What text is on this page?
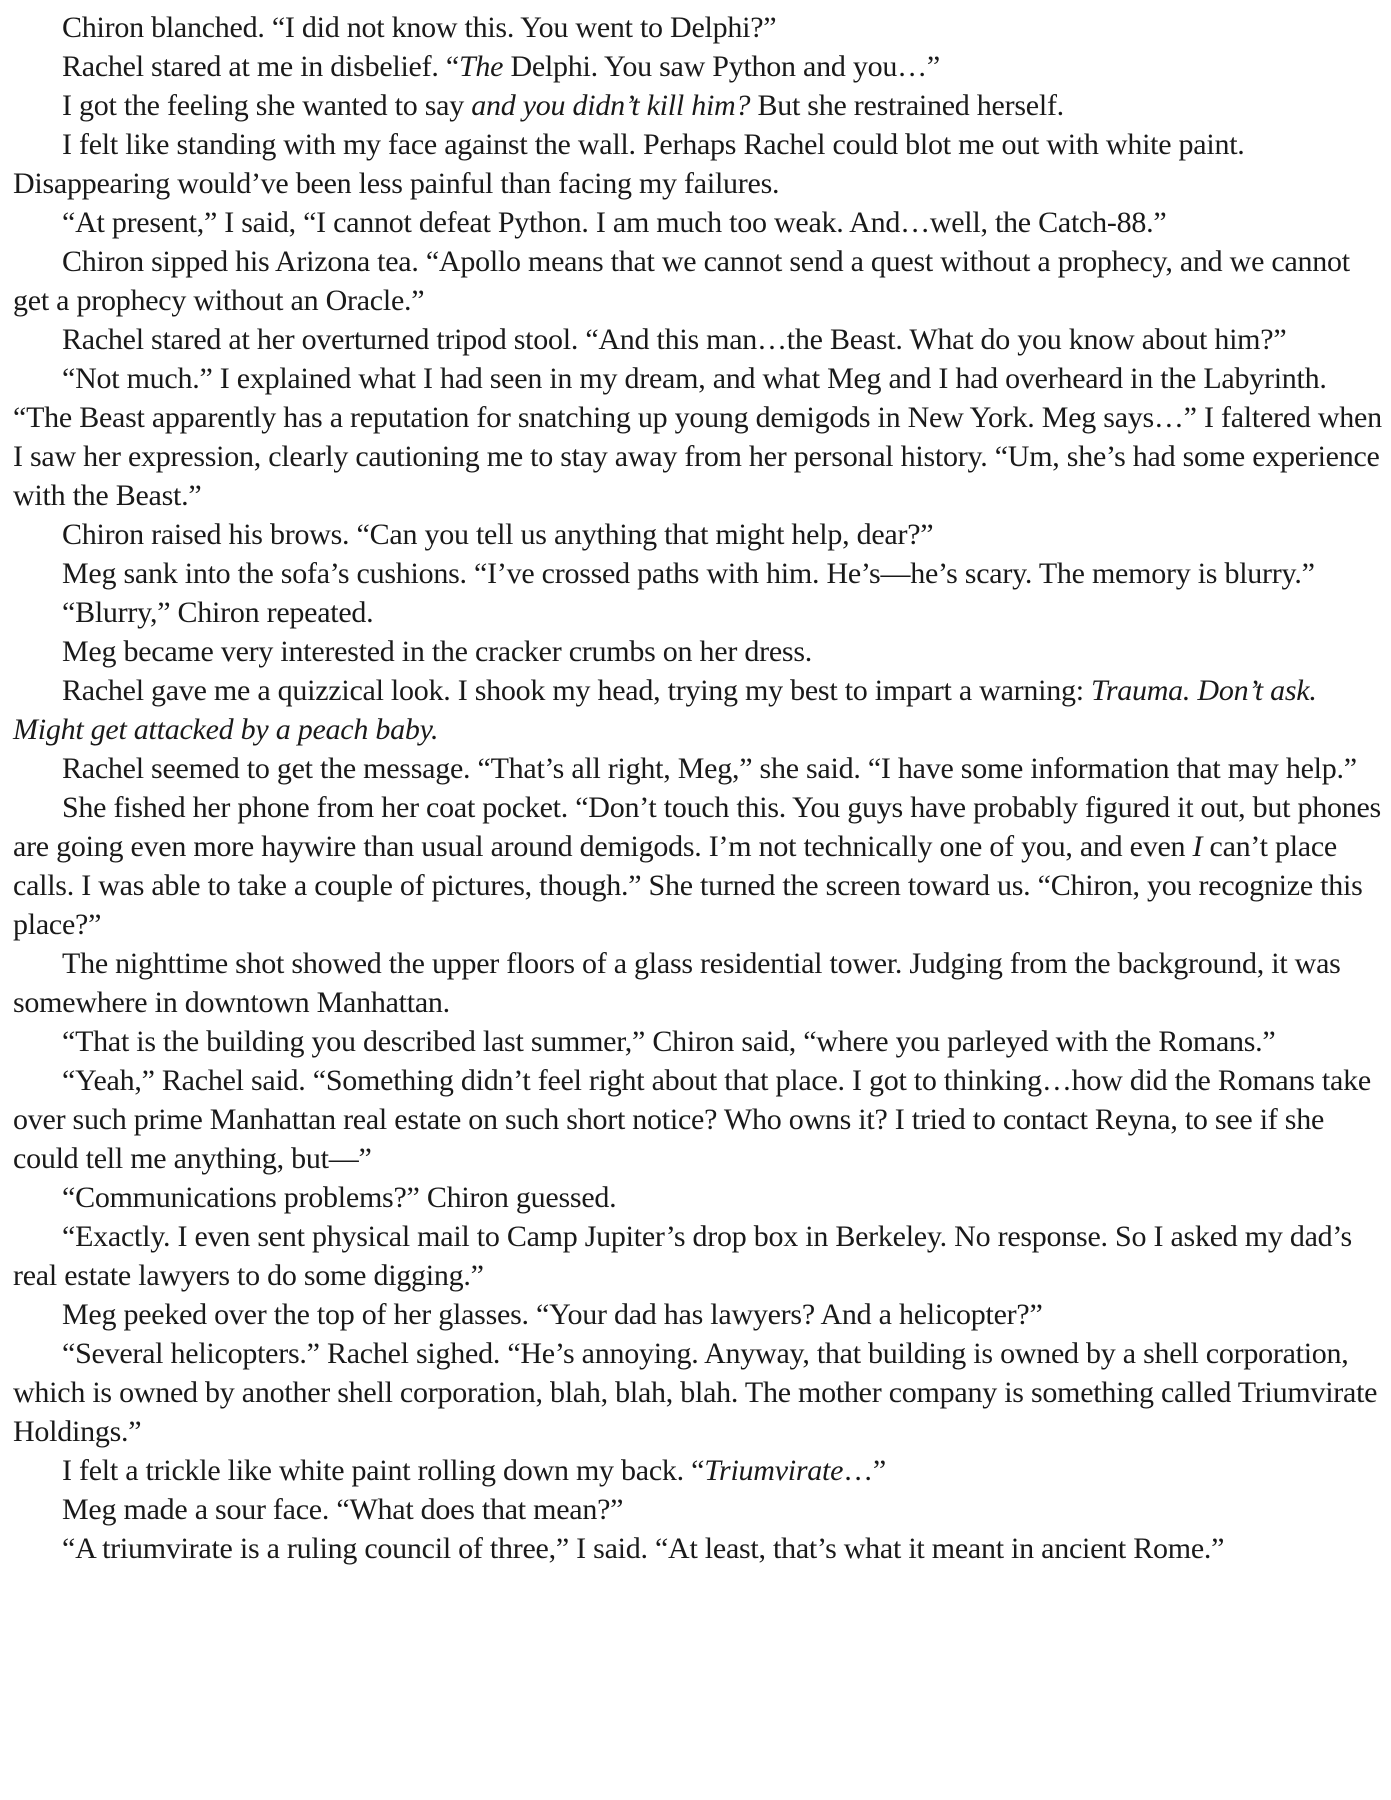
Chiron blanched. “I did not know this. You went to Delphi?”

Rachel stared at me in disbelief. “The Delphi. You saw Python and you…”

I got the feeling she wanted to say and you didn’t kill him? But she restrained herself.

I felt like standing with my face against the wall. Perhaps Rachel could blot me out with white paint. Disappearing would’ve been less painful than facing my failures.

“At present,” I said, “I cannot defeat Python. I am much too weak. And…well, the Catch-88.”

Chiron sipped his Arizona tea. “Apollo means that we cannot send a quest without a prophecy, and we cannot get a prophecy without an Oracle.”

Rachel stared at her overturned tripod stool. “And this man…the Beast. What do you know about him?”

“Not much.” I explained what I had seen in my dream, and what Meg and I had overheard in the Labyrinth. “The Beast apparently has a reputation for snatching up young demigods in New York. Meg says…” I faltered when I saw her expression, clearly cautioning me to stay away from her personal history. “Um, she’s had some experience with the Beast.”

Chiron raised his brows. “Can you tell us anything that might help, dear?”

Meg sank into the sofa’s cushions. “I’ve crossed paths with him. He’s—he’s scary. The memory is blurry.”

“Blurry,” Chiron repeated.

Meg became very interested in the cracker crumbs on her dress.

Rachel gave me a quizzical look. I shook my head, trying my best to impart a warning: Trauma. Don’t ask. Might get attacked by a peach baby.

Rachel seemed to get the message. “That’s all right, Meg,” she said. “I have some information that may help.”

She fished her phone from her coat pocket. “Don’t touch this. You guys have probably figured it out, but phones are going even more haywire than usual around demigods. I’m not technically one of you, and even I can’t place calls. I was able to take a couple of pictures, though.” She turned the screen toward us. “Chiron, you recognize this place?”

The nighttime shot showed the upper floors of a glass residential tower. Judging from the background, it was somewhere in downtown Manhattan.

“That is the building you described last summer,” Chiron said, “where you parleyed with the Romans.”

“Yeah,” Rachel said. “Something didn’t feel right about that place. I got to thinking…how did the Romans take over such prime Manhattan real estate on such short notice? Who owns it? I tried to contact Reyna, to see if she could tell me anything, but—”

“Communications problems?” Chiron guessed.

“Exactly. I even sent physical mail to Camp Jupiter’s drop box in Berkeley. No response. So I asked my dad’s real estate lawyers to do some digging.”

Meg peeked over the top of her glasses. “Your dad has lawyers? And a helicopter?”

“Several helicopters.” Rachel sighed. “He’s annoying. Anyway, that building is owned by a shell corporation, which is owned by another shell corporation, blah, blah, blah. The mother company is something called Triumvirate Holdings.”

I felt a trickle like white paint rolling down my back. “Triumvirate…”

Meg made a sour face. “What does that mean?”

“A triumvirate is a ruling council of three,” I said. “At least, that’s what it meant in ancient Rome.”
